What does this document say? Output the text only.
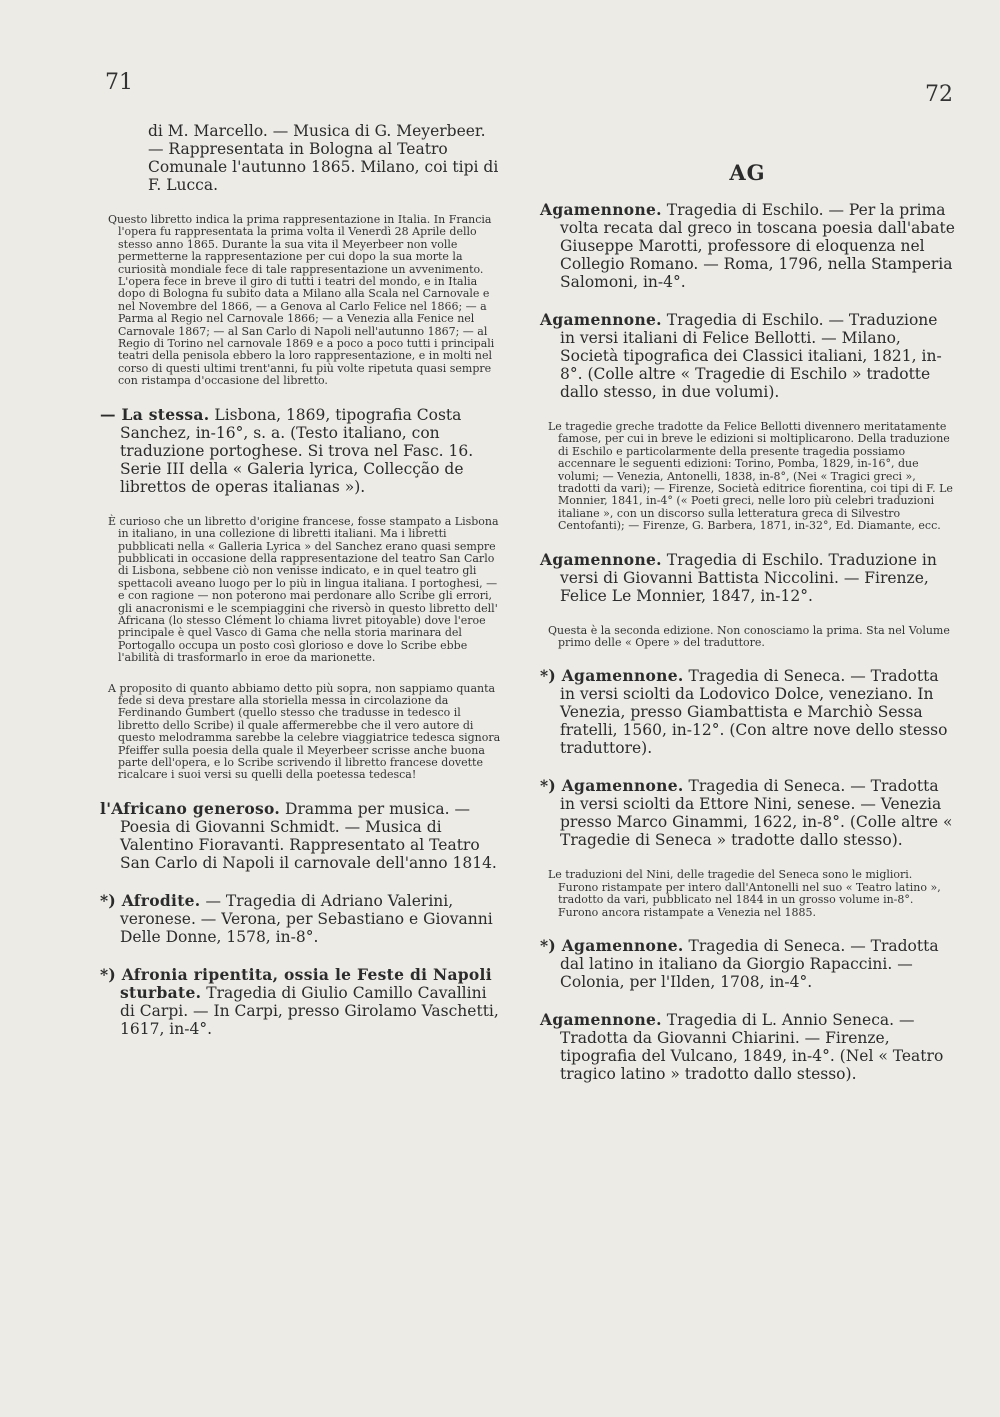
71	72

di M. Marcello. — Musica di G. Meyerbeer. — Rappresentata in Bologna al Teatro Comunale l'autunno 1865. Milano, coi tipi di F. Lucca.

Questo libretto indica la prima rappresentazione in Italia. In Francia l'opera fu rappresentata la prima volta il Venerdì 28 Aprile dello stesso anno 1865. Durante la sua vita il Meyerbeer non volle permetterne la rappresentazione per cui dopo la sua morte la curiosità mondiale fece di tale rappresentazione un avvenimento. L'opera fece in breve il giro di tutti i teatri del mondo, e in Italia dopo di Bologna fu subito data a Milano alla Scala nel Carnovale e nel Novembre del 1866, — a Genova al Carlo Felice nel 1866; — a Parma al Regio nel Carnovale 1866; — a Venezia alla Fenice nel Carnovale 1867; — al San Carlo di Napoli nell'autunno 1867; — al Regio di Torino nel carnovale 1869 e a poco a poco tutti i principali teatri della penisola ebbero la loro rappresentazione, e in molti nel corso di questi ultimi trent'anni, fu più volte ripetuta quasi sempre con ristampa d'occasione del libretto.

— La stessa. Lisbona, 1869, tipografia Costa Sanchez, in-16°, s. a. (Testo italiano, con traduzione portoghese. Si trova nel Fasc. 16. Serie III della « Galeria lyrica, Collecção de librettos de operas italianas »).

È curioso che un libretto d'origine francese, fosse stampato a Lisbona in italiano, in una collezione di libretti italiani. Ma i libretti pubblicati nella « Galleria Lyrica » del Sanchez erano quasi sempre pubblicati in occasione della rappresentazione del teatro San Carlo di Lisbona, sebbene ciò non venisse indicato, e in quel teatro gli spettacoli aveano luogo per lo più in lingua italiana. I portoghesi, — e con ragione — non poterono mai perdonare allo Scribe gli errori, gli anacronismi e le scempiaggini che riversò in questo libretto dell' Africana (lo stesso Clément lo chiama livret pitoyable) dove l'eroe principale è quel Vasco di Gama che nella storia marinara del Portogallo occupa un posto così glorioso e dove lo Scribe ebbe l'abilità di trasformarlo in eroe da marionette.

A proposito di quanto abbiamo detto più sopra, non sappiamo quanta fede si deva prestare alla storiella messa in circolazione da Ferdinando Gumbert (quello stesso che tradusse in tedesco il libretto dello Scribe) il quale affermerebbe che il vero autore di questo melodramma sarebbe la celebre viaggiatrice tedesca signora Pfeiffer sulla poesia della quale il Meyerbeer scrisse anche buona parte dell'opera, e lo Scribe scrivendo il libretto francese dovette ricalcare i suoi versi su quelli della poetessa tedesca!

l'Africano generoso. Dramma per musica. — Poesia di Giovanni Schmidt. — Musica di Valentino Fioravanti. Rappresentato al Teatro San Carlo di Napoli il carnovale dell'anno 1814.

*) Afrodite. — Tragedia di Adriano Valerini, veronese. — Verona, per Sebastiano e Giovanni Delle Donne, 1578, in-8°.

*) Afronia ripentita, ossia le Feste di Napoli sturbate. Tragedia di Giulio Camillo Cavallini di Carpi. — In Carpi, presso Girolamo Vaschetti, 1617, in-4°.

AG

Agamennone. Tragedia di Eschilo. — Per la prima volta recata dal greco in toscana poesia dall'abate Giuseppe Marotti, professore di eloquenza nel Collegio Romano. — Roma, 1796, nella Stamperia Salomoni, in-4°.

Agamennone. Tragedia di Eschilo. — Traduzione in versi italiani di Felice Bellotti. — Milano, Società tipografica dei Classici italiani, 1821, in-8°. (Colle altre « Tragedie di Eschilo » tradotte dallo stesso, in due volumi).

Le tragedie greche tradotte da Felice Bellotti divennero meritatamente famose, per cui in breve le edizioni si moltiplicarono. Della traduzione di Eschilo e particolarmente della presente tragedia possiamo accennare le seguenti edizioni: Torino, Pomba, 1829, in-16°, due volumi; — Venezia, Antonelli, 1838, in-8°, (Nei « Tragici greci », tradotti da vari); — Firenze, Società editrice fiorentina, coi tipi di F. Le Monnier, 1841, in-4° (« Poeti greci, nelle loro più celebri traduzioni italiane », con un discorso sulla letteratura greca di Silvestro Centofanti); — Firenze, G. Barbera, 1871, in-32°, Ed. Diamante, ecc.

Agamennone. Tragedia di Eschilo. Traduzione in versi di Giovanni Battista Niccolini. — Firenze, Felice Le Monnier, 1847, in-12°.

Questa è la seconda edizione. Non conosciamo la prima. Sta nel Volume primo delle « Opere » del traduttore.

*) Agamennone. Tragedia di Seneca. — Tradotta in versi sciolti da Lodovico Dolce, veneziano. In Venezia, presso Giambattista e Marchiò Sessa fratelli, 1560, in-12°. (Con altre nove dello stesso traduttore).

*) Agamennone. Tragedia di Seneca. — Tradotta in versi sciolti da Ettore Nini, senese. — Venezia presso Marco Ginammi, 1622, in-8°. (Colle altre « Tragedie di Seneca » tradotte dallo stesso).

Le traduzioni del Nini, delle tragedie del Seneca sono le migliori. Furono ristampate per intero dall'Antonelli nel suo « Teatro latino », tradotto da vari, pubblicato nel 1844 in un grosso volume in-8°. Furono ancora ristampate a Venezia nel 1885.

*) Agamennone. Tragedia di Seneca. — Tradotta dal latino in italiano da Giorgio Rapaccini. — Colonia, per l'Ilden, 1708, in-4°.

Agamennone. Tragedia di L. Annio Seneca. — Tradotta da Giovanni Chiarini. — Firenze, tipografia del Vulcano, 1849, in-4°. (Nel « Teatro tragico latino » tradotto dallo stesso).
